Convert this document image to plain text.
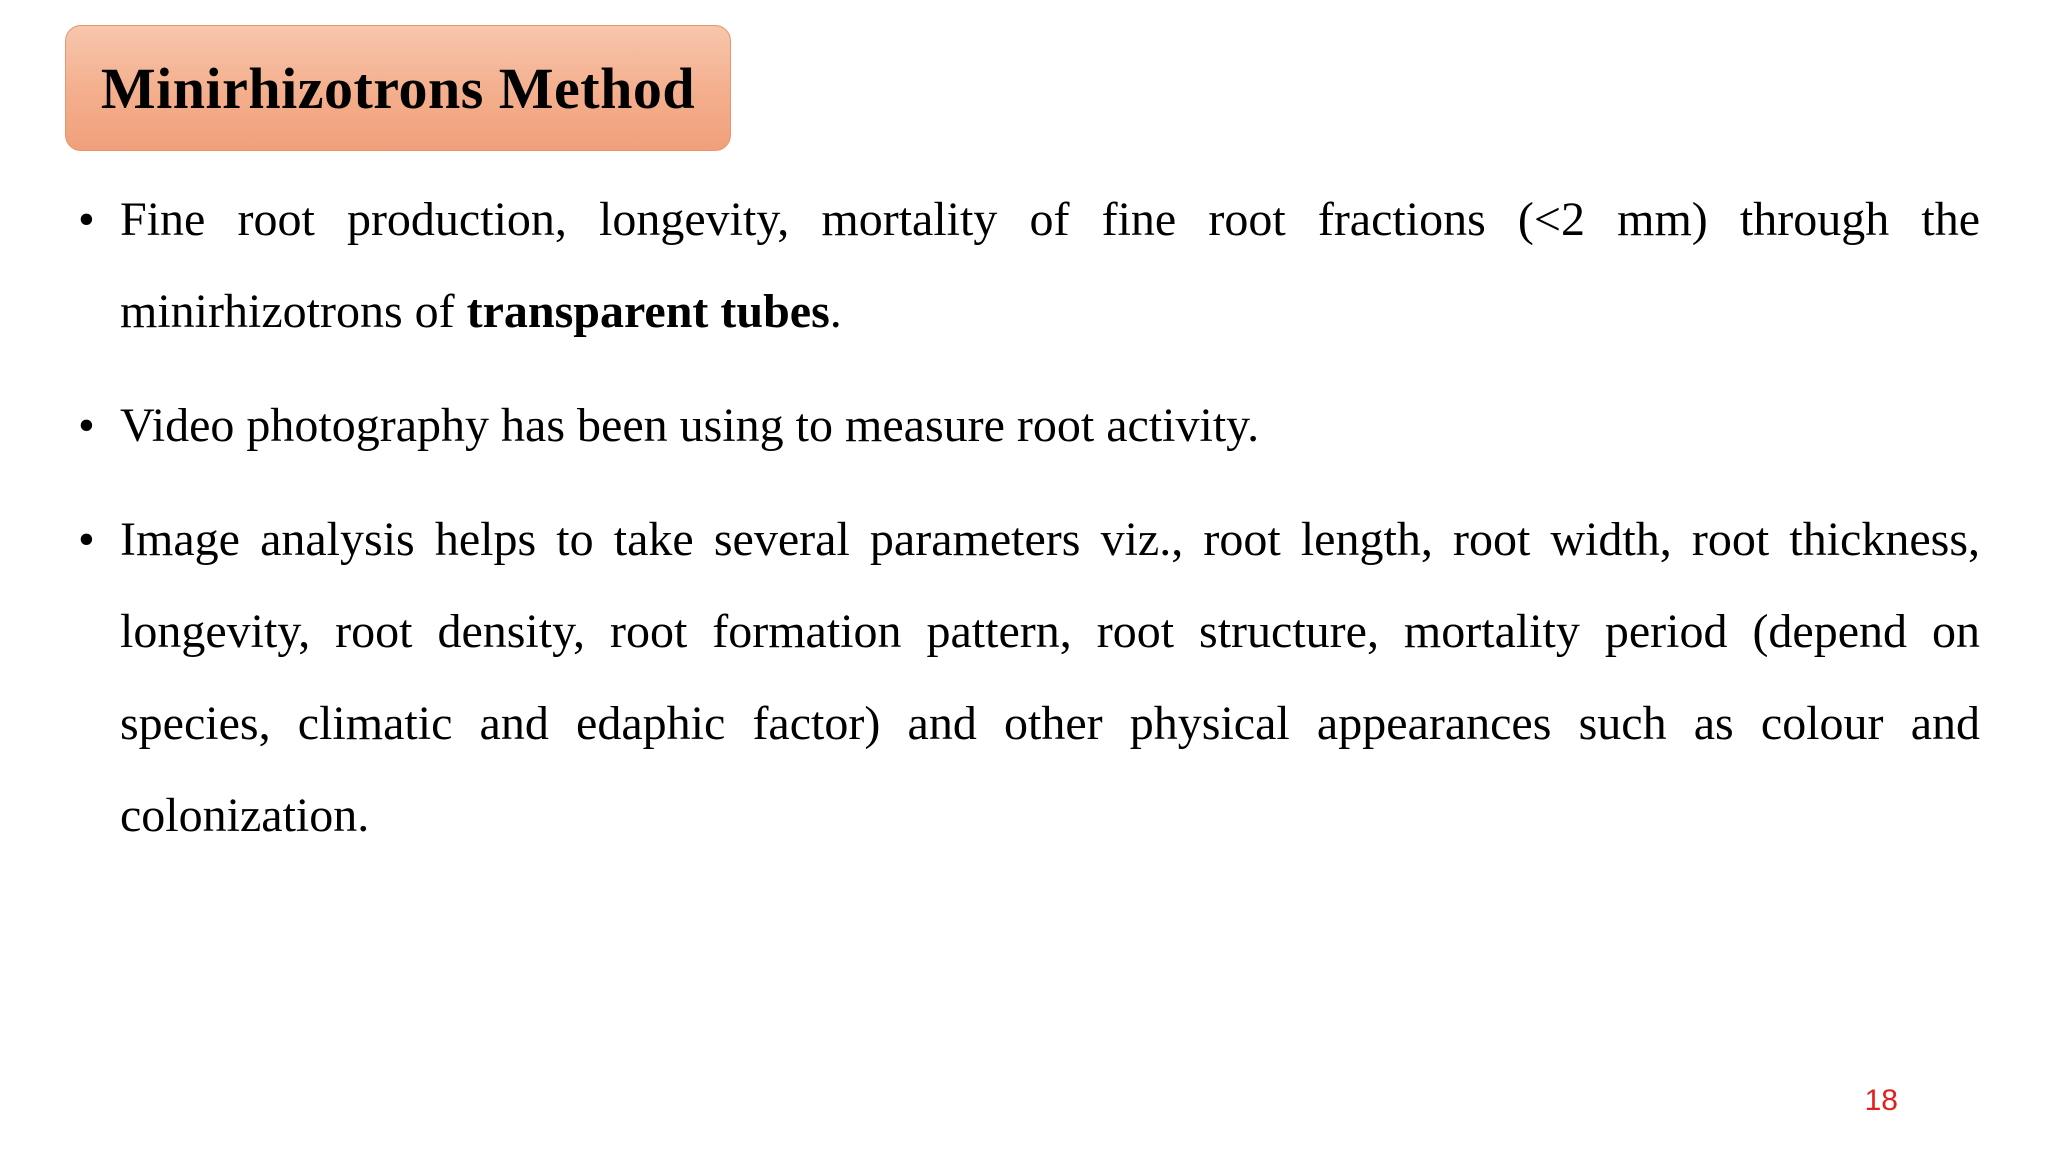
Minirhizotrons Method
• Fine root production, longevity, mortality of fine root fractions (<2 mm) through the minirhizotrons of transparent tubes.
• Video photography has been using to measure root activity.
• Image analysis helps to take several parameters viz., root length, root width, root thickness, longevity, root density, root formation pattern, root structure, mortality period (depend on species, climatic and edaphic factor) and other physical appearances such as colour and colonization.
18
